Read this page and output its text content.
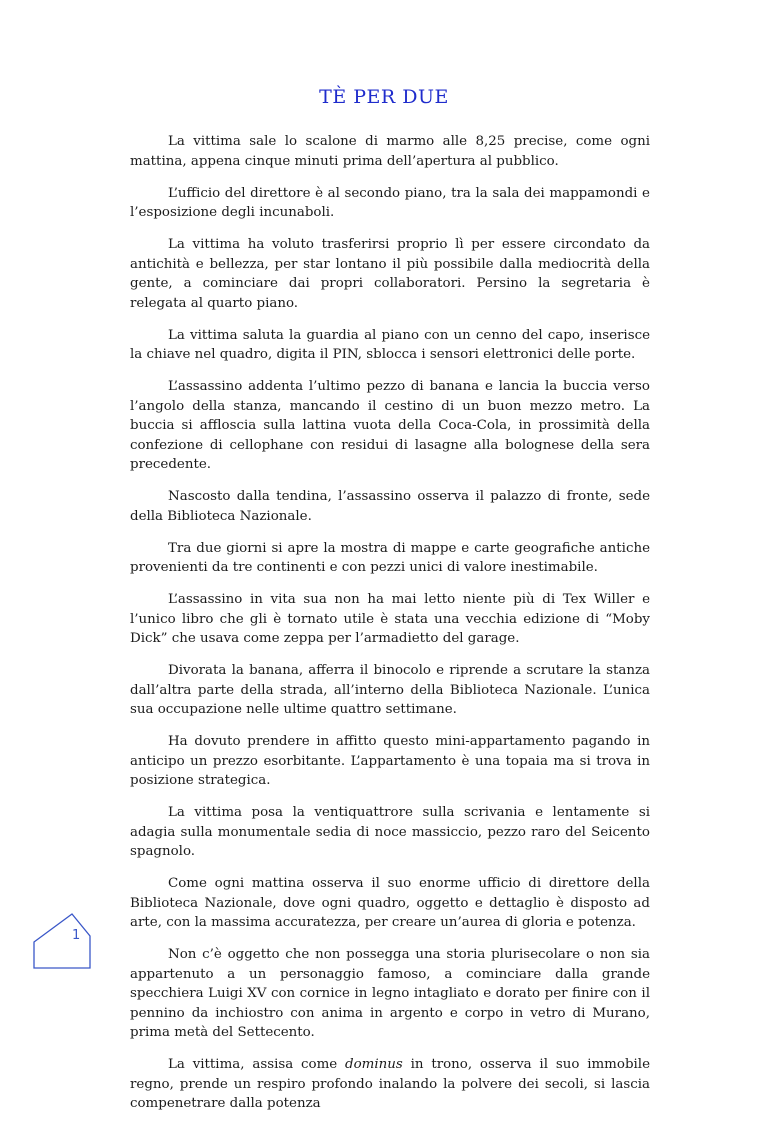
TÈ PER DUE

La vittima sale lo scalone di marmo alle 8,25 precise, come ogni mattina, appena cinque minuti prima dell’apertura al pubblico.

L’ufficio del direttore è al secondo piano, tra la sala dei mappamondi e l’esposizione degli incunaboli.

La vittima ha voluto trasferirsi proprio lì per essere circondato da antichità e bellezza, per star lontano il più possibile dalla mediocrità della gente, a cominciare dai propri collaboratori. Persino la segretaria è relegata al quarto piano.

La vittima saluta la guardia al piano con un cenno del capo, inserisce la chiave nel quadro, digita il PIN, sblocca i sensori elettronici delle porte.

L’assassino addenta l’ultimo pezzo di banana e lancia la buccia verso l’angolo della stanza, mancando il cestino di un buon mezzo metro. La buccia si affloscia sulla lattina vuota della Coca-Cola, in prossimità della confezione di cellophane con residui di lasagne alla bolognese della sera precedente.

Nascosto dalla tendina, l’assassino osserva il palazzo di fronte, sede della Biblioteca Nazionale.

Tra due giorni si apre la mostra di mappe e carte geografiche antiche provenienti da tre continenti e con pezzi unici di valore inestimabile.

L’assassino in vita sua non ha mai letto niente più di Tex Willer e l’unico libro che gli è tornato utile è stata una vecchia edizione di “Moby Dick” che usava come zeppa per l’armadietto del garage.

Divorata la banana, afferra il binocolo e riprende a scrutare la stanza dall’altra parte della strada, all’interno della Biblioteca Nazionale. L’unica sua occupazione nelle ultime quattro settimane.

Ha dovuto prendere in affitto questo mini-appartamento pagando in anticipo un prezzo esorbitante. L’appartamento è una topaia ma si trova in posizione strategica.

La vittima posa la ventiquattrore sulla scrivania e lentamente si adagia sulla monumentale sedia di noce massiccio, pezzo raro del Seicento spagnolo.

Come ogni mattina osserva il suo enorme ufficio di direttore della Biblioteca Nazionale, dove ogni quadro, oggetto e dettaglio è disposto ad arte, con la massima accuratezza, per creare un’aurea di gloria e potenza.

Non c’è oggetto che non possegga una storia plurisecolare o non sia appartenuto a un personaggio famoso, a cominciare dalla grande specchiera Luigi XV con cornice in legno intagliato e dorato per finire con il pennino da inchiostro con anima in argento e corpo in vetro di Murano, prima metà del Settecento.

La vittima, assisa come dominus in trono, osserva il suo immobile regno, prende un respiro profondo inalando la polvere dei secoli, si lascia compenetrare dalla potenza

1
